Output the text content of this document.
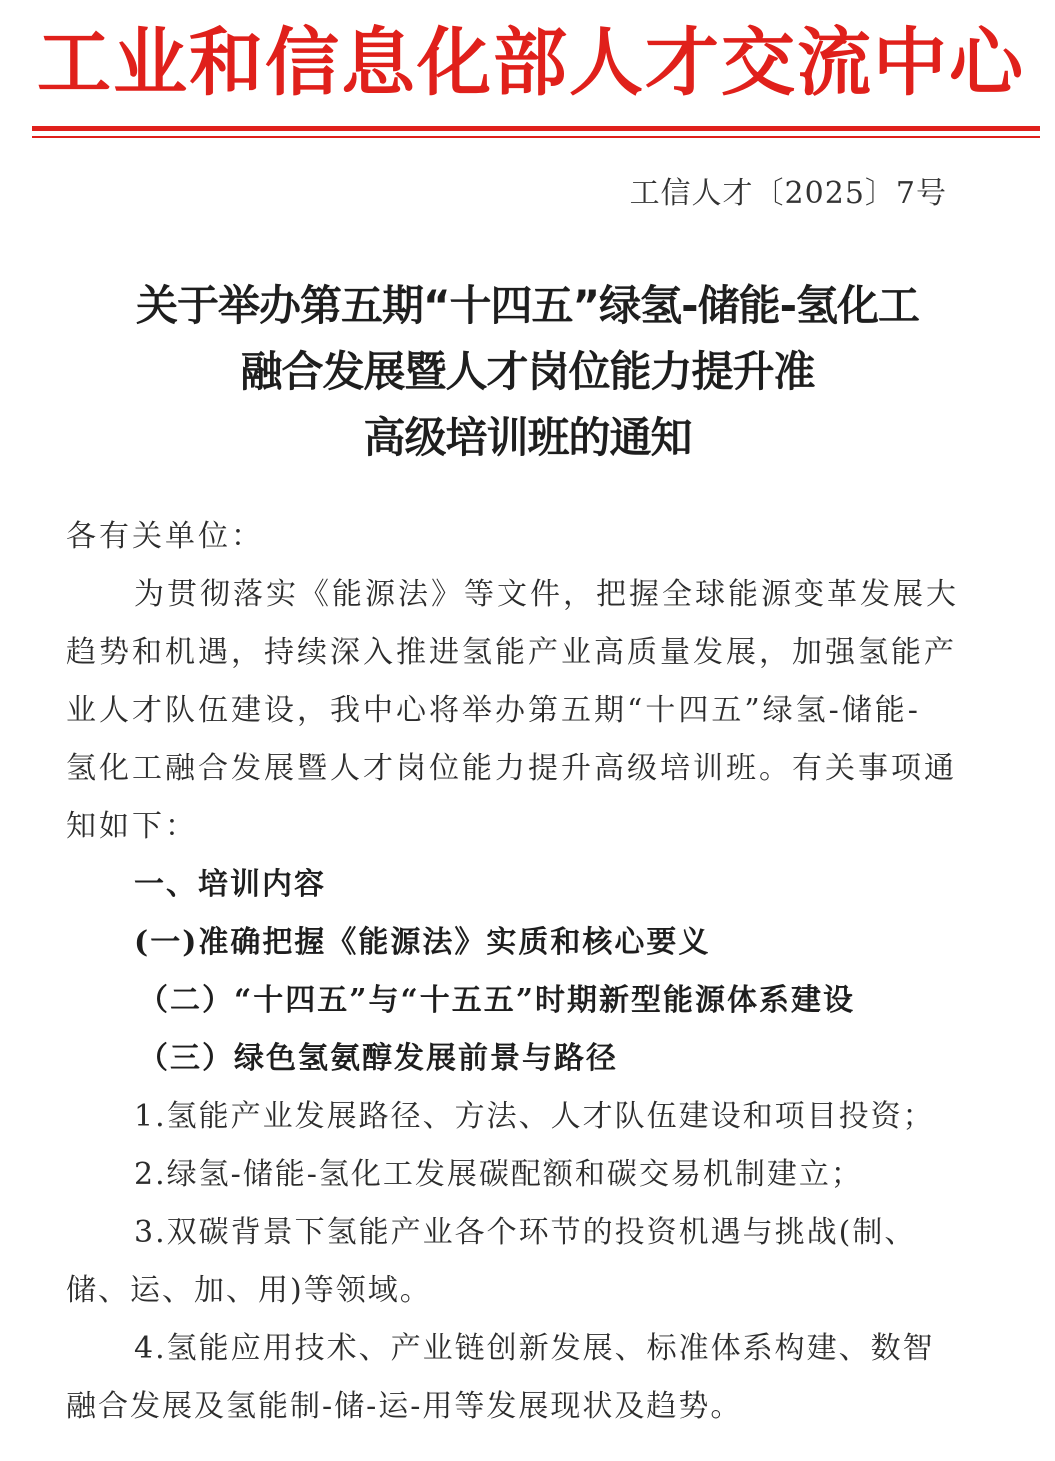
工业和信息化部人才交流中心
工信人才〔2025〕7号
关于举办第五期“十四五”绿氢-储能-氢化工
融合发展暨人才岗位能力提升准
高级培训班的通知
各有关单位：
为贯彻落实《能源法》等文件，把握全球能源变革发展大
趋势和机遇，持续深入推进氢能产业高质量发展，加强氢能产
业人才队伍建设，我中心将举办第五期“十四五”绿氢-储能-
氢化工融合发展暨人才岗位能力提升高级培训班。有关事项通
知如下：
一、培训内容
(一)准确把握《能源法》实质和核心要义
（二）“十四五”与“十五五”时期新型能源体系建设
（三）绿色氢氨醇发展前景与路径
1.氢能产业发展路径、方法、人才队伍建设和项目投资；
2.绿氢-储能-氢化工发展碳配额和碳交易机制建立；
3.双碳背景下氢能产业各个环节的投资机遇与挑战(制、
储、运、加、用)等领域。
4.氢能应用技术、产业链创新发展、标准体系构建、数智
融合发展及氢能制-储-运-用等发展现状及趋势。
